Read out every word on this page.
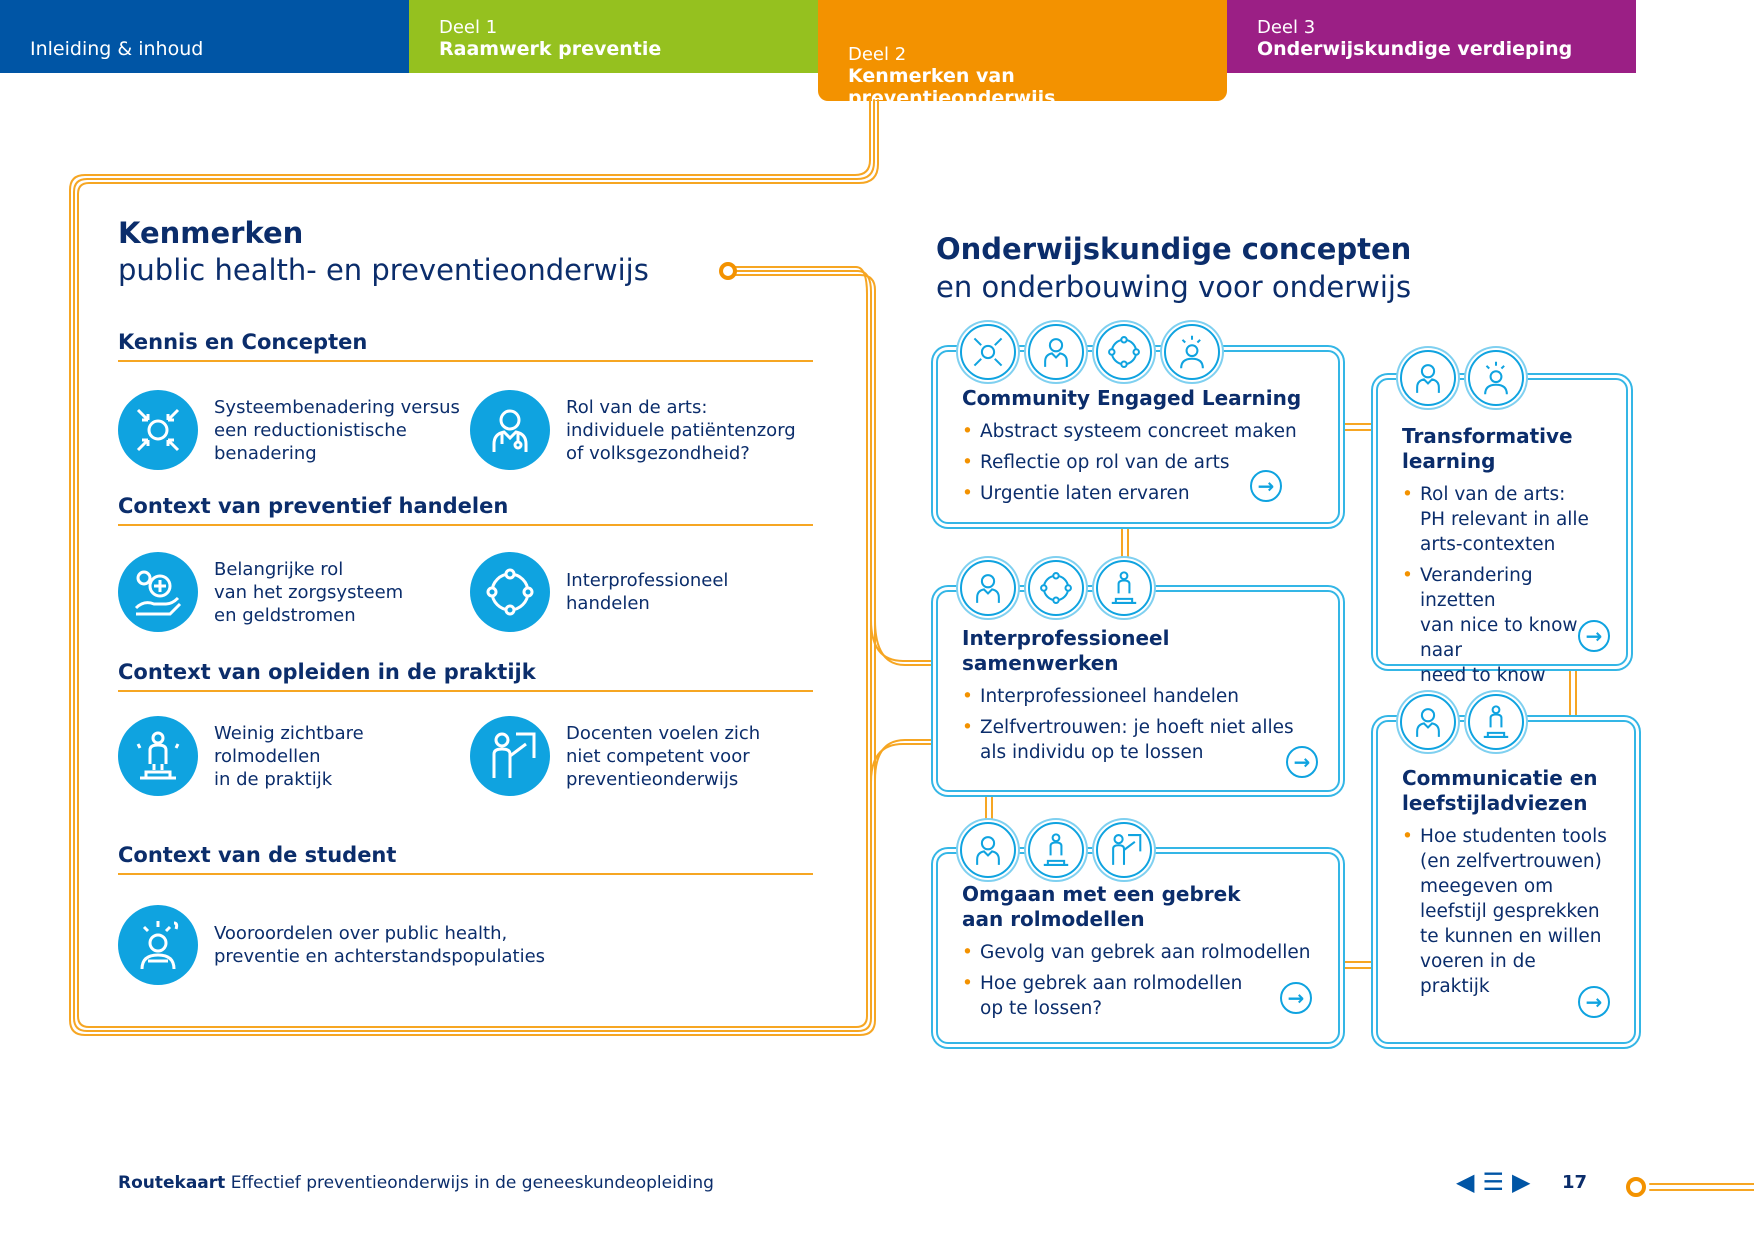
Inleiding & inhoud
Deel 1
Raamwerk preventie	Deel 2
Kenmerken van preventieonderwijs
Deel 3
Onderwijskundige verdieping
Kenmerken
public health- en preventieonderwijs
Kennis en Concepten
Systeembenadering versus
een reductionistische
benadering
Rol van de arts:
individuele patiëntenzorg
of volksgezondheid?
Context van preventief handelen
Belangrijke rol
van het zorgsysteem
en geldstromen
Interprofessioneel
handelen
Context van opleiden in de praktijk
Weinig zichtbare
rolmodellen
in de praktijk
Docenten voelen zich
niet competent voor
preventieonderwijs
Context van de student
Vooroordelen over public health,
preventie en achterstandspopulaties
Onderwijskundige concepten
en onderbouwing voor onderwijs
Community Engaged Learning
• Abstract systeem concreet maken
• Reflectie op rol van de arts
• Urgentie laten ervaren	→
Transformative
learning
• Rol van de arts:
PH relevant in alle
arts-contexten
• Verandering inzetten
van nice to know naar
need to know
→
Interprofessioneel
samenwerken
• Interprofessioneel handelen
• Zelfvertrouwen: je hoeft niet alles
als individu op te lossen	→
Communicatie en
leefstijladviezen
• Hoe studenten tools
(en zelfvertrouwen)
meegeven om
leefstijl gesprekken
te kunnen en willen
voeren in de
praktijk
→
Omgaan met een gebrek
aan rolmodellen
• Gevolg van gebrek aan rolmodellen
• Hoe gebrek aan rolmodellen
op te lossen?	→
Routekaart Effectief preventieonderwijs in de geneeskundeopleiding	◀ ☰ ▶ 17
